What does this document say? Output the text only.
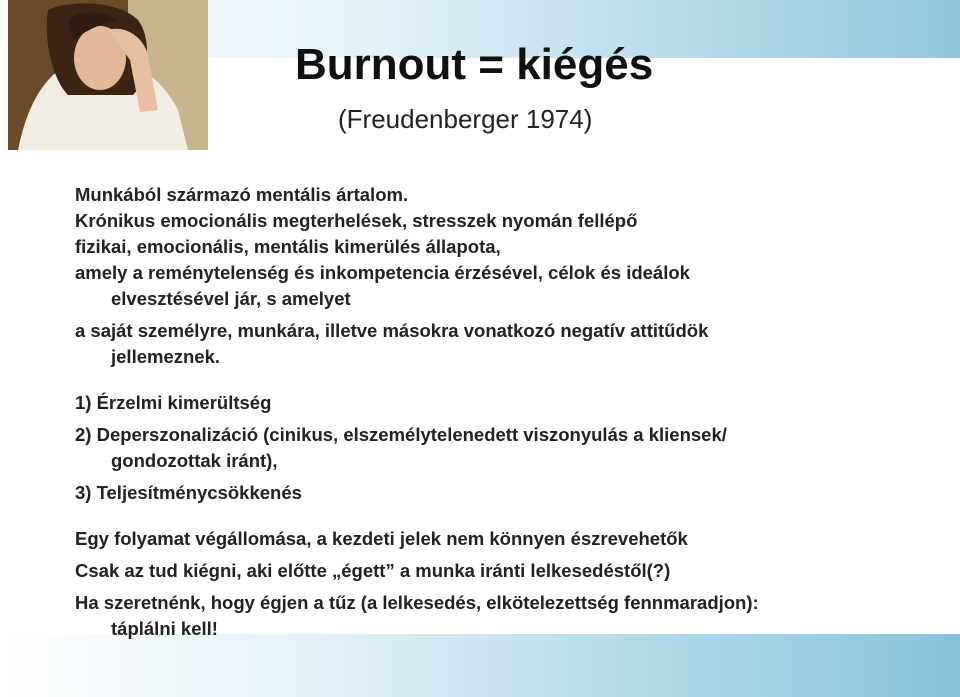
Burnout = kiégés
(Freudenberger 1974)
Munkából származó mentális ártalom.
Krónikus emocionális megterhelések, stresszek nyomán fellépő
fizikai, emocionális, mentális kimerülés állapota,
amely a reménytelenség és inkompetencia érzésével, célok és ideálok
elvesztésével jár, s amelyet
a saját személyre, munkára, illetve másokra vonatkozó negatív attitűdök
jellemeznek.
1) Érzelmi kimerültség
2) Deperszonalizáció (cinikus, elszemélytelenedett viszonyulás a kliensek/
gondozottak iránt),
3) Teljesítménycsökkenés
Egy folyamat végállomása, a kezdeti jelek nem könnyen észrevehetők
Csak az tud kiégni, aki előtte „égett” a munka iránti lelkesedéstől(?)
Ha szeretnénk, hogy égjen a tűz (a lelkesedés, elkötelezettség fennmaradjon):
táplálni kell!
